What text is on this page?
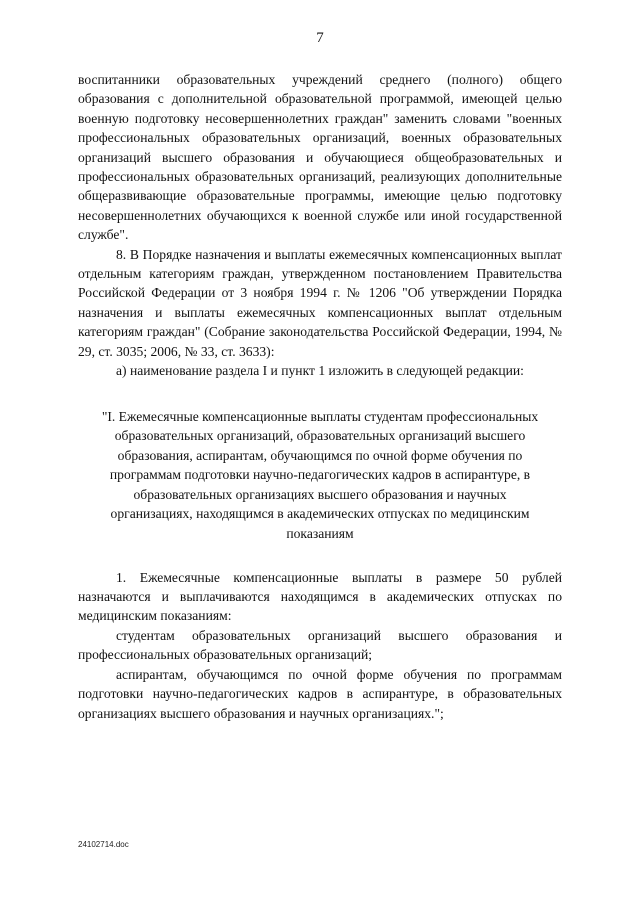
7

воспитанники образовательных учреждений среднего (полного) общего образования с дополнительной образовательной программой, имеющей целью военную подготовку несовершеннолетних граждан" заменить словами "военных профессиональных образовательных организаций, военных образовательных организаций высшего образования и обучающиеся общеобразовательных и профессиональных образовательных организаций, реализующих дополнительные общеразвивающие образовательные программы, имеющие целью подготовку несовершеннолетних обучающихся к военной службе или иной государственной службе".

8. В Порядке назначения и выплаты ежемесячных компенсационных выплат отдельным категориям граждан, утвержденном постановлением Правительства Российской Федерации от 3 ноября 1994 г. № 1206 "Об утверждении Порядка назначения и выплаты ежемесячных компенсационных выплат отдельным категориям граждан" (Собрание законодательства Российской Федерации, 1994, № 29, ст. 3035; 2006, № 33, ст. 3633):

а) наименование раздела I и пункт 1 изложить в следующей редакции:

"I. Ежемесячные компенсационные выплаты студентам профессиональных образовательных организаций, образовательных организаций высшего образования, аспирантам, обучающимся по очной форме обучения по программам подготовки научно-педагогических кадров в аспирантуре, в образовательных организациях высшего образования и научных организациях, находящимся в академических отпусках по медицинским показаниям

1. Ежемесячные компенсационные выплаты в размере 50 рублей назначаются и выплачиваются находящимся в академических отпусках по медицинским показаниям:

студентам образовательных организаций высшего образования и профессиональных образовательных организаций;

аспирантам, обучающимся по очной форме обучения по программам подготовки научно-педагогических кадров в аспирантуре, в образовательных организациях высшего образования и научных организациях.";

24102714.doc
